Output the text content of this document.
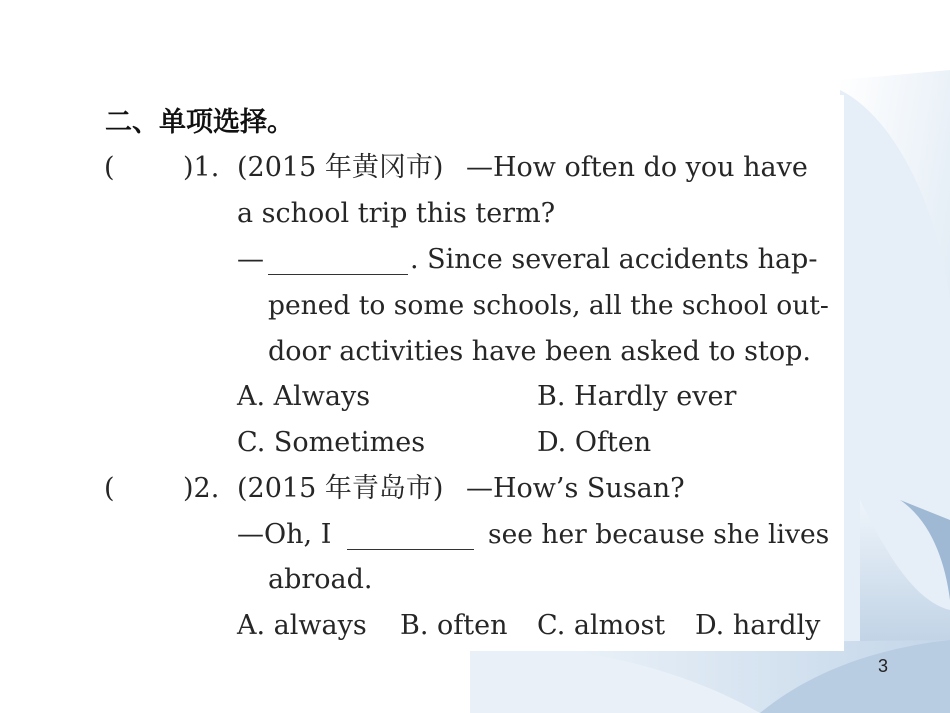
二、单项选择。
(	)1. (2015 年黄冈市) —How often do you have
a school trip this term?
—	. Since several accidents hap-
pened to some schools, all the school out-
door activities have been asked to stop.
A. Always	B. Hardly ever
C. Sometimes	D. Often
(	)2. (2015 年青岛市) —How’s Susan?
—Oh, I	see her because she lives
abroad.
A. always B. often C. almost D. hardly
3
